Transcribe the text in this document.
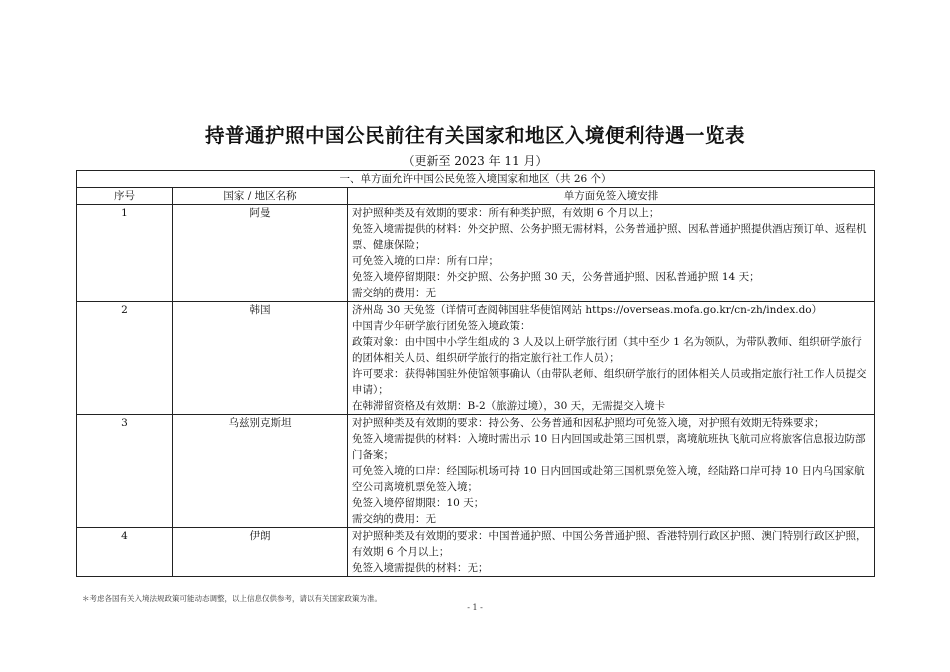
持普通护照中国公民前往有关国家和地区入境便利待遇一览表
（更新至 2023 年 11 月）
一、单方面允许中国公民免签入境国家和地区（共 26 个）		
序号	国家 / 地区名称	单方面免签入境安排
1	阿曼	对护照种类及有效期的要求：所有种类护照，有效期 6 个月以上；
免签入境需提供的材料：外交护照、公务护照无需材料，公务普通护照、因私普通护照提供酒店预订单、返程机票、健康保险；
可免签入境的口岸：所有口岸；
免签入境停留期限：外交护照、公务护照 30 天，公务普通护照、因私普通护照 14 天；
需交纳的费用：无

2	韩国	济州岛 30 天免签（详情可查阅韩国驻华使馆网站 https://overseas.mofa.go.kr/cn-zh/index.do）
中国青少年研学旅行团免签入境政策：
政策对象：由中国中小学生组成的 3 人及以上研学旅行团（其中至少 1 名为领队，为带队教师、组织研学旅行的团体相关人员、组织研学旅行的指定旅行社工作人员）；
许可要求：获得韩国驻外使馆领事确认（由带队老师、组织研学旅行的团体相关人员或指定旅行社工作人员提交申请）；
在韩滞留资格及有效期：B-2（旅游过境），30 天，无需提交入境卡

3	乌兹别克斯坦	对护照种类及有效期的要求：持公务、公务普通和因私护照均可免签入境，对护照有效期无特殊要求；
免签入境需提供的材料：入境时需出示 10 日内回国或赴第三国机票，离境航班执飞航司应将旅客信息报边防部门备案；
可免签入境的口岸：经国际机场可持 10 日内回国或赴第三国机票免签入境，经陆路口岸可持 10 日内乌国家航空公司离境机票免签入境；
免签入境停留期限：10 天；
需交纳的费用：无

4	伊朗	对护照种类及有效期的要求：中国普通护照、中国公务普通护照、香港特别行政区护照、澳门特别行政区护照，有效期 6 个月以上；
免签入境需提供的材料：无；
＊考虑各国有关入境法规政策可能动态调整，以上信息仅供参考，请以有关国家政策为准。
- 1 -
